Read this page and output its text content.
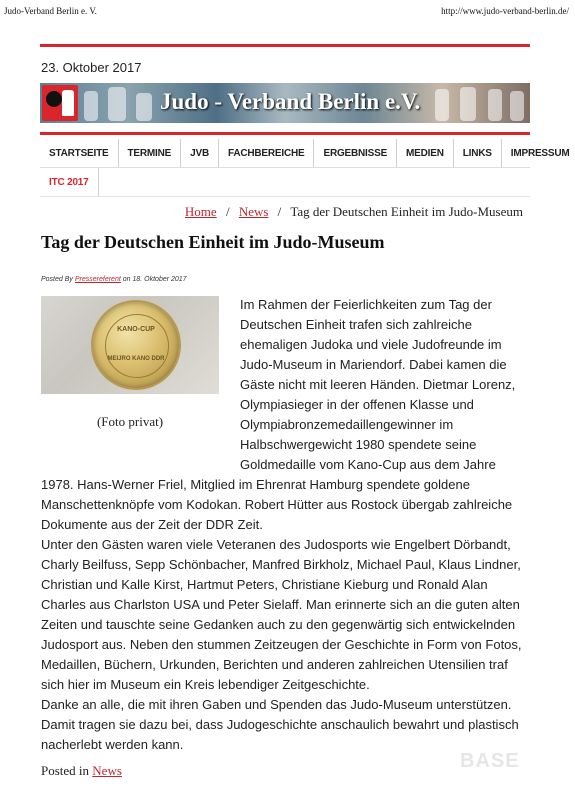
Judo-Verband Berlin e. V.	http://www.judo-verband-berlin.de/
23. Oktober 2017
Judo - Verband Berlin e.V.
STARTSEITE	TERMINE	JVB	FACHBEREICHE	ERGEBNISSE	MEDIEN	LINKS	IMPRESSUM
ITC 2017
Home / News / Tag der Deutschen Einheit im Judo-Museum
Tag der Deutschen Einheit im Judo-Museum
Posted By Pressereferent on 18. Oktober 2017
KANO-CUP
MEIJRO KANO DDR
(Foto privat)

Im Rahmen der Feierlichkeiten zum Tag der
Deutschen Einheit trafen sich zahlreiche
ehemaligen Judoka und viele Judofreunde im
Judo-Museum in Mariendorf. Dabei kamen die
Gäste nicht mit leeren Händen. Dietmar Lorenz,
Olympiasieger in der offenen Klasse und
Olympiabronzemedaillengewinner im
Halbschwergewicht 1980 spendete seine

Goldmedaille vom Kano-Cup aus dem Jahre

1978. Hans-Werner Friel, Mitglied im Ehrenrat Hamburg spendete goldene
Manschettenknöpfe vom Kodokan. Robert Hütter aus Rostock übergab zahlreiche
Dokumente aus der Zeit der DDR Zeit.

Unter den Gästen waren viele Veteranen des Judosports wie Engelbert Dörbandt,
Charly Beilfuss, Sepp Schönbacher, Manfred Birkholz, Michael Paul, Klaus Lindner,
Christian und Kalle Kirst, Hartmut Peters, Christiane Kieburg und Ronald Alan
Charles aus Charlston USA und Peter Sielaff. Man erinnerte sich an die guten alten
Zeiten und tauschte seine Gedanken auch zu den gegenwärtig sich entwickelnden
Judosport aus. Neben den stummen Zeitzeugen der Geschichte in Form von Fotos,
Medaillen, Büchern, Urkunden, Berichten und anderen zahlreichen Utensilien traf
sich hier im Museum ein Kreis lebendiger Zeitgeschichte.

Danke an alle, die mit ihren Gaben und Spenden das Judo-Museum unterstützen.
Damit tragen sie dazu bei, dass Judogeschichte anschaulich bewahrt und plastisch
nacherlebt werden kann.

Posted in News	BASE
